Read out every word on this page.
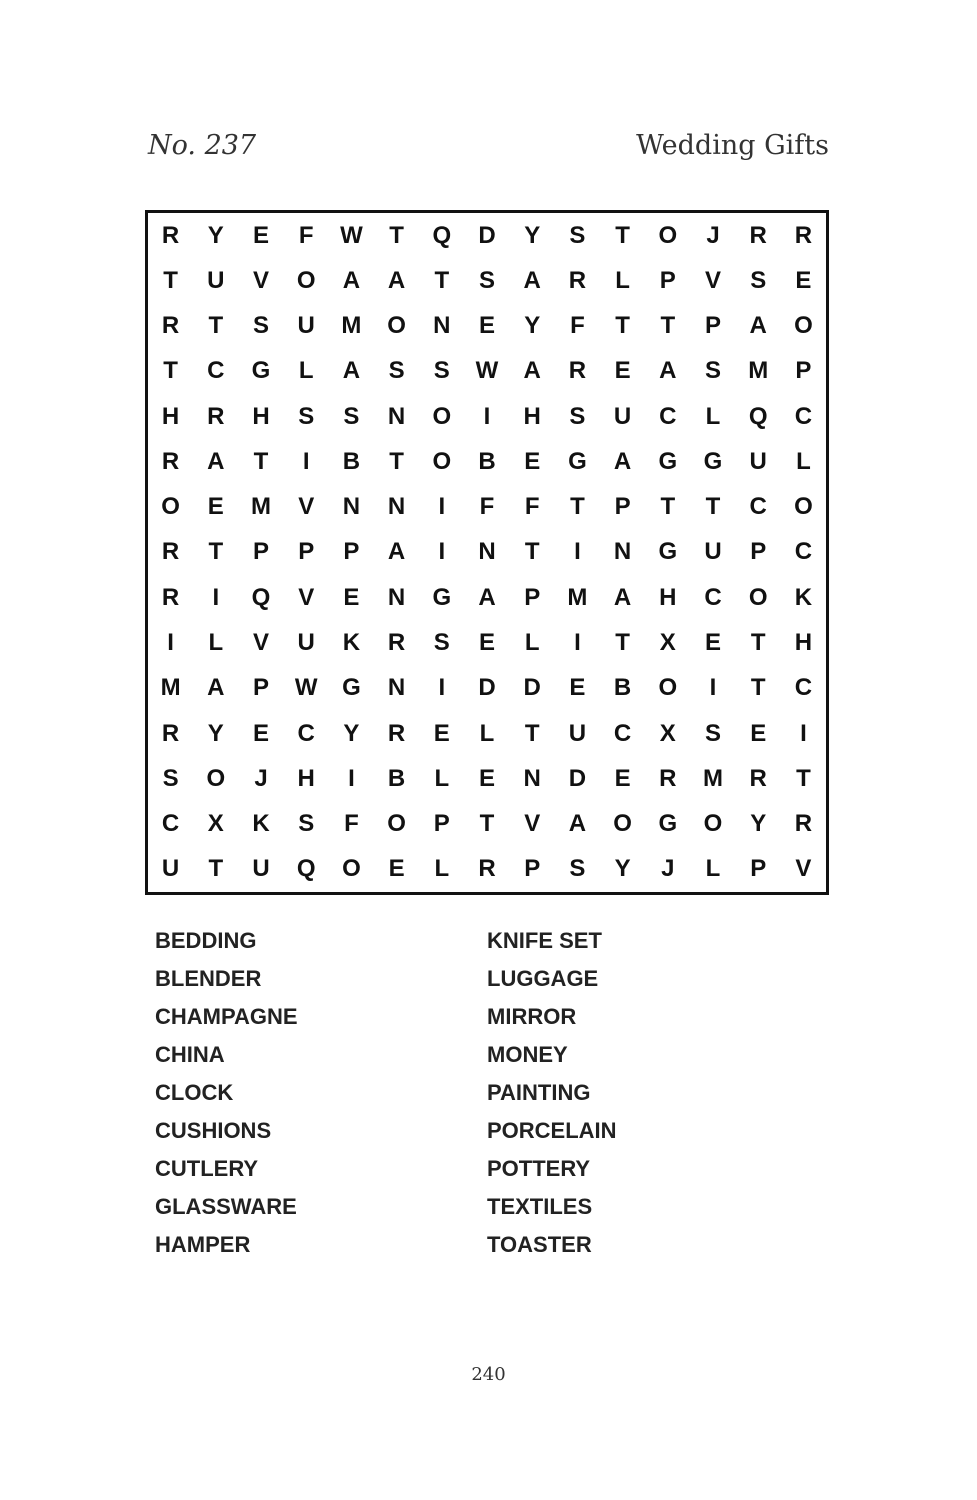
No. 237	Wedding Gifts
R	Y	E	F	W	T	Q	D	Y	S	T	O	J	R	R
T	U	V	O	A	A	T	S	A	R	L	P	V	S	E
R	T	S	U	M	O	N	E	Y	F	T	T	P	A	O
T	C	G	L	A	S	S	W	A	R	E	A	S	M	P
H	R	H	S	S	N	O	I	H	S	U	C	L	Q	C
R	A	T	I	B	T	O	B	E	G	A	G	G	U	L
O	E	M	V	N	N	I	F	F	T	P	T	T	C	O
R	T	P	P	P	A	I	N	T	I	N	G	U	P	C
R	I	Q	V	E	N	G	A	P	M	A	H	C	O	K
I	L	V	U	K	R	S	E	L	I	T	X	E	T	H
M	A	P	W	G	N	I	D	D	E	B	O	I	T	C
R	Y	E	C	Y	R	E	L	T	U	C	X	S	E	I
S	O	J	H	I	B	L	E	N	D	E	R	M	R	T
C	X	K	S	F	O	P	T	V	A	O	G	O	Y	R
U	T	U	Q	O	E	L	R	P	S	Y	J	L	P	V
BEDDING
BLENDER
CHAMPAGNE
CHINA
CLOCK
CUSHIONS
CUTLERY
GLASSWARE
HAMPER
KNIFE SET
LUGGAGE
MIRROR
MONEY
PAINTING
PORCELAIN
POTTERY
TEXTILES
TOASTER
240
